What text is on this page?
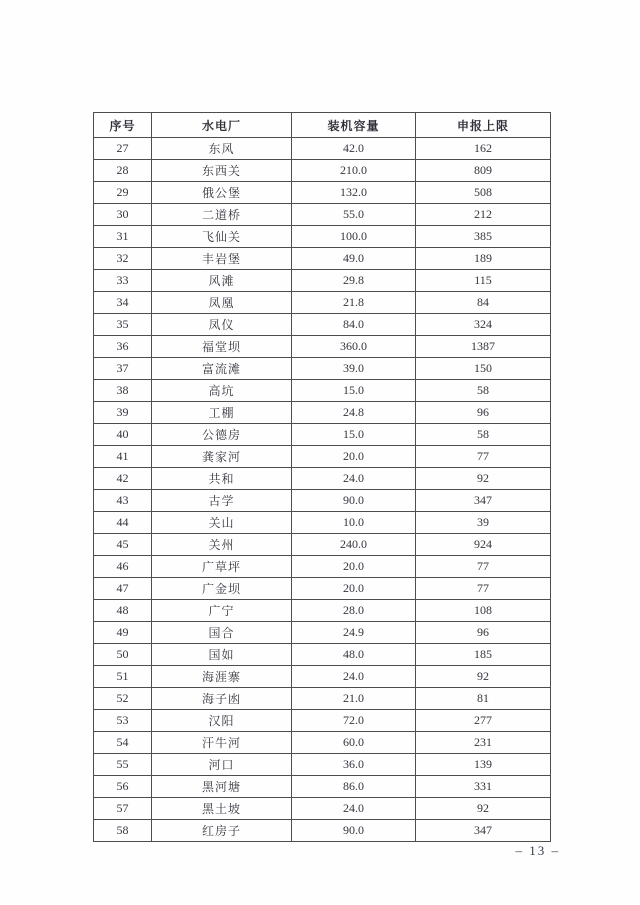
序号	水电厂	装机容量	申报上限
27	东风	42.0	162
28	东西关	210.0	809
29	俄公堡	132.0	508
30	二道桥	55.0	212
31	飞仙关	100.0	385
32	丰岩堡	49.0	189
33	风滩	29.8	115
34	凤凰	21.8	84
35	凤仪	84.0	324
36	福堂坝	360.0	1387
37	富流滩	39.0	150
38	高坑	15.0	58
39	工棚	24.8	96
40	公德房	15.0	58
41	龚家河	20.0	77
42	共和	24.0	92
43	古学	90.0	347
44	关山	10.0	39
45	关州	240.0	924
46	广草坪	20.0	77
47	广金坝	20.0	77
48	广宁	28.0	108
49	国合	24.9	96
50	国如	48.0	185
51	海涯寨	24.0	92
52	海子凼	21.0	81
53	汉阳	72.0	277
54	汗牛河	60.0	231
55	河口	36.0	139
56	黑河塘	86.0	331
57	黑土坡	24.0	92
58	红房子	90.0	347
– 13 –
